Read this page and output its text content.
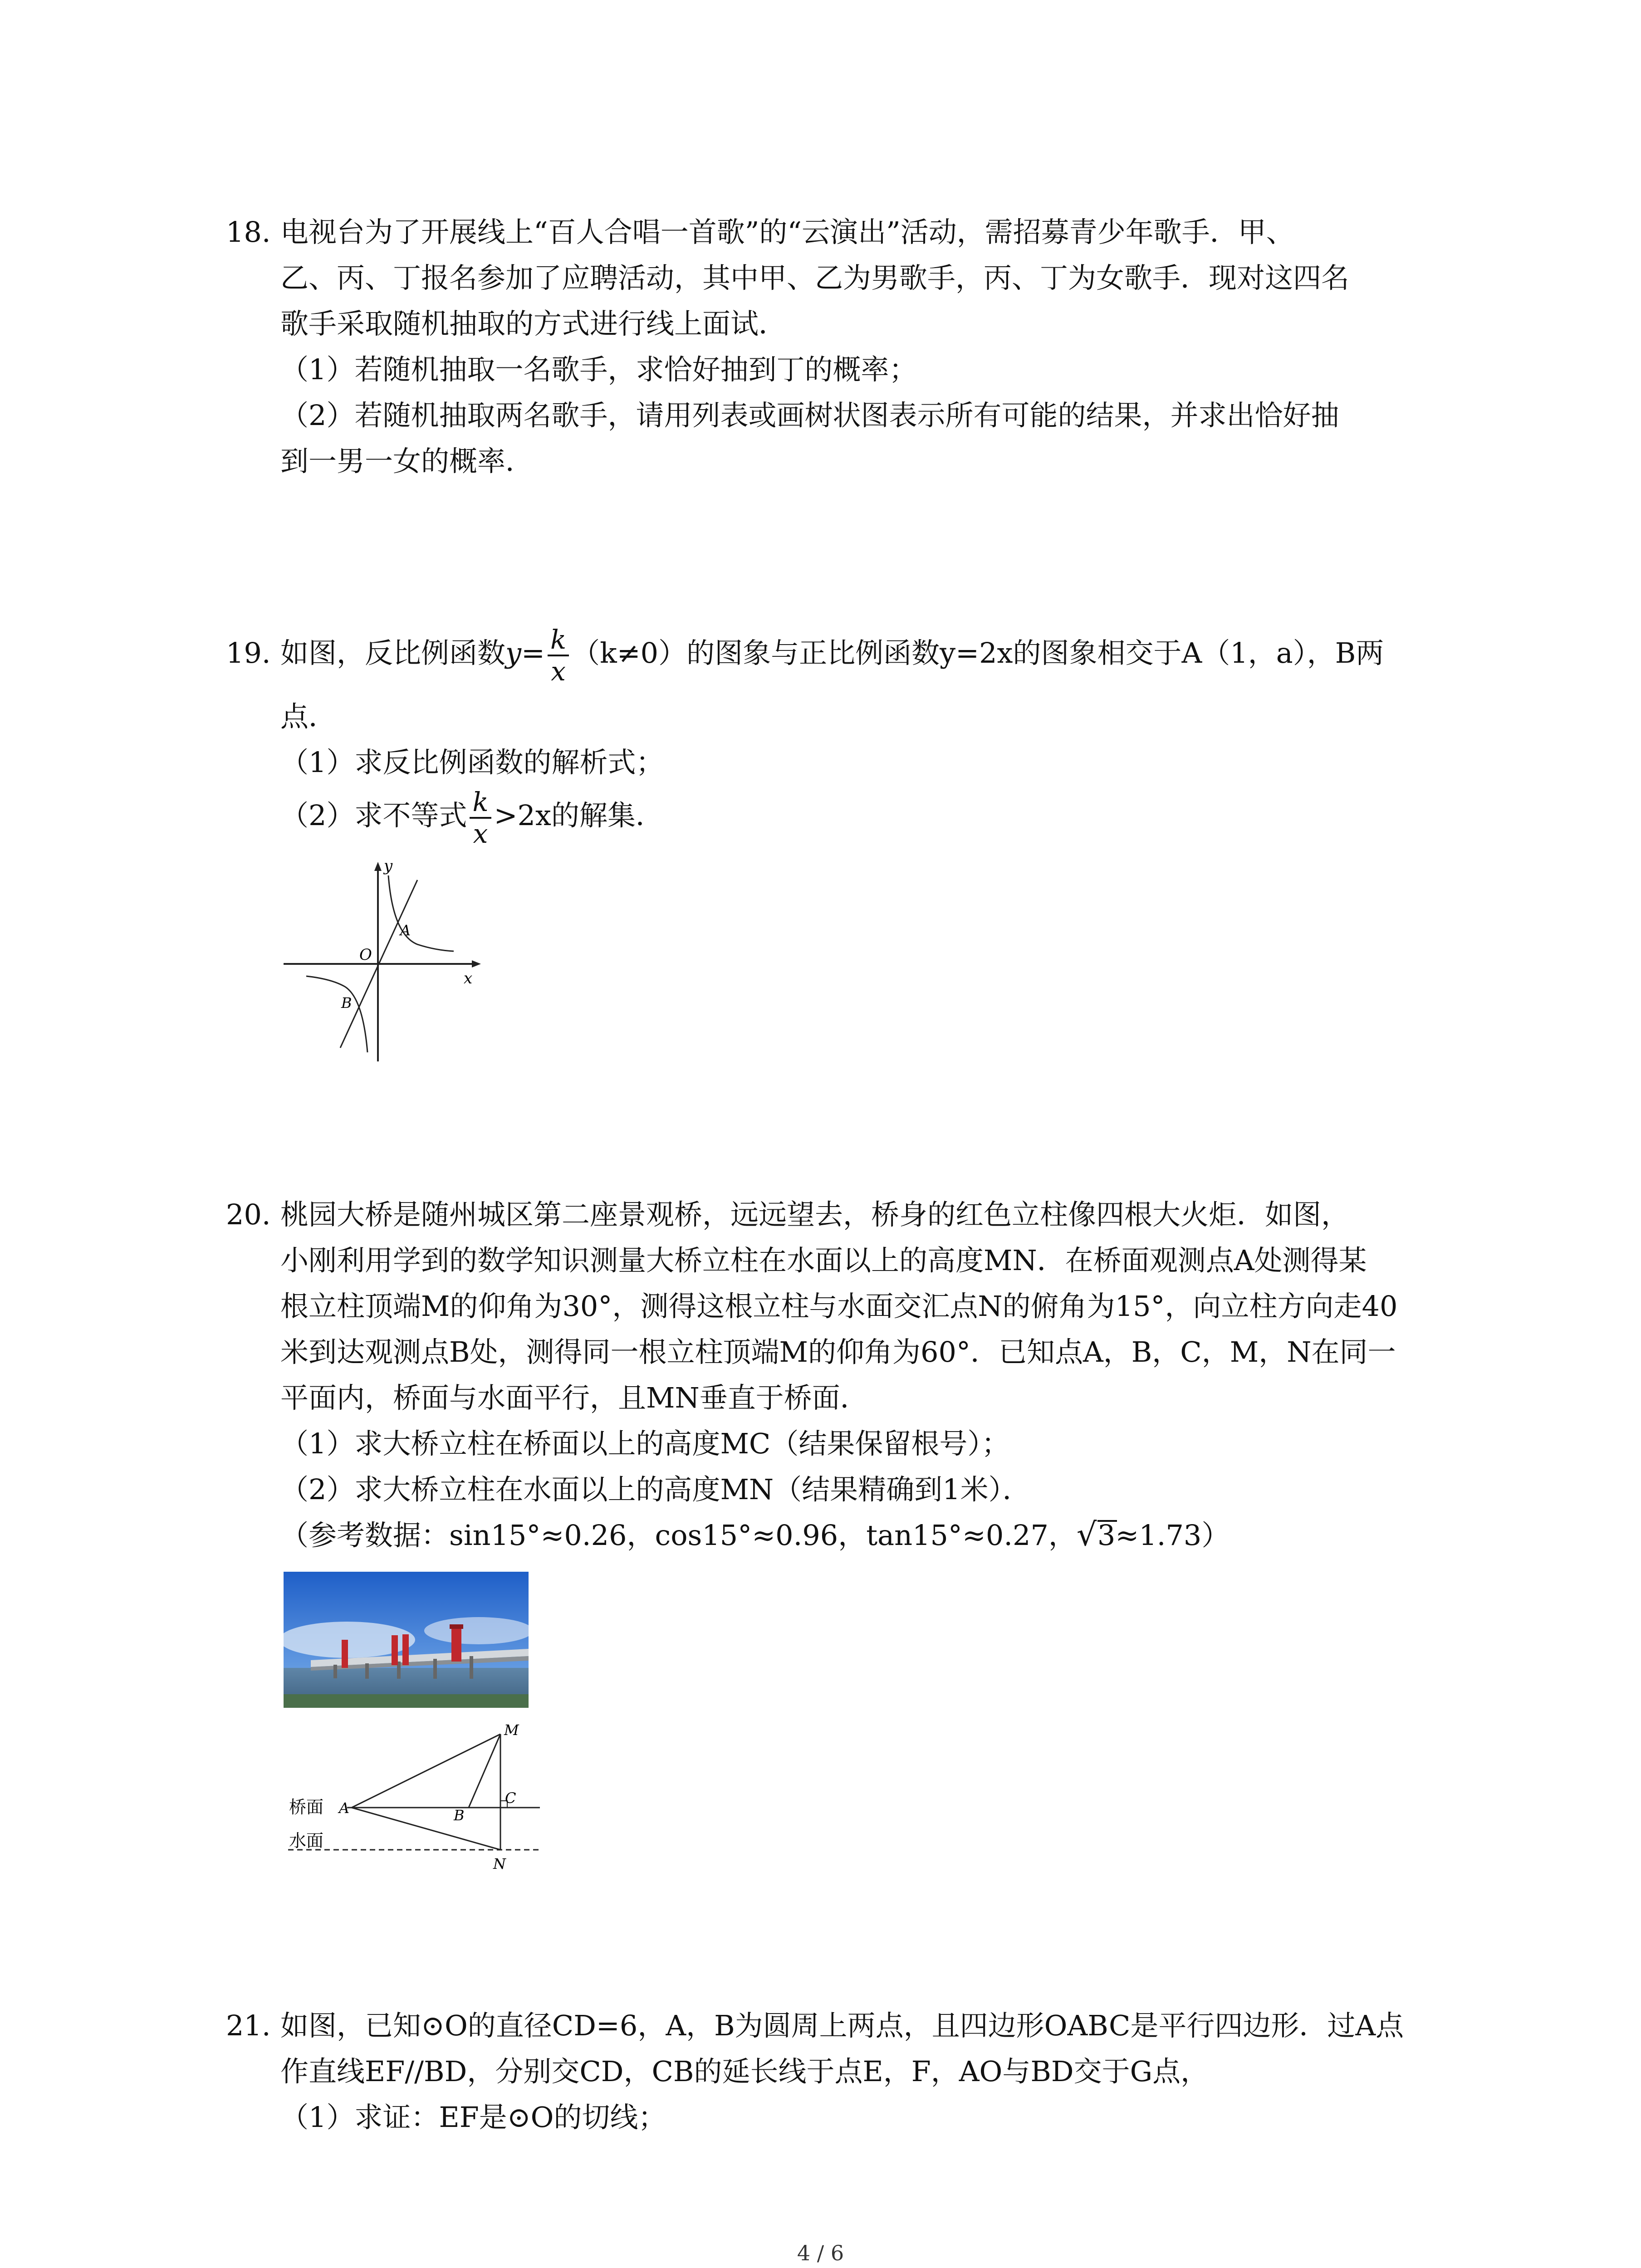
18. 电视台为了开展线上“百人合唱一首歌”的“云演出”活动，需招募青少年歌手．甲、
乙、丙、丁报名参加了应聘活动，其中甲、乙为男歌手，丙、丁为女歌手．现对这四名
歌手采取随机抽取的方式进行线上面试．
（1）若随机抽取一名歌手，求恰好抽到丁的概率；
（2）若随机抽取两名歌手，请用列表或画树状图表示所有可能的结果，并求出恰好抽
到一男一女的概率．
19. 如图，反比例函数$y= \frac{k}{x} (k\ne 0)$的图象与正比例函数y=2x的图象相交于A（1，a），B两
点．
（1）求反比例函数的解析式；
（2）求不等式 $\frac{k}{x} >2x$的解集．
y
x
O
A
B
20. 桃园大桥是随州城区第二座景观桥，远远望去，桥身的红色立柱像四根大火炬．如图，
小刚利用学到的数学知识测量大桥立柱在水面以上的高度MN．在桥面观测点A处测得某
根立柱顶端M的仰角为30°，测得这根立柱与水面交汇点N的俯角为15°，向立柱方向走40
米到达观测点B处，测得同一根立柱顶端M的仰角为60°．已知点A，B，C，M，N在同一
平面内，桥面与水面平行，且MN垂直于桥面．
（1）求大桥立柱在桥面以上的高度MC（结果保留根号）；
（2）求大桥立柱在水面以上的高度MN（结果精确到1米）．
（参考数据：sin15°≈0.26，cos15°≈0.96，tan15°≈0.27， √ 3≈1.73）
桥面
水面
A	B
C
M
N
21. 如图，已知⊙O的直径CD=6，A，B为圆周上两点，且四边形OABC是平行四边形．过A点
作直线EF//BD，分别交CD，CB的延长线于点E，F，AO与BD交于G点，
（1）求证：EF是⊙O的切线；
4 / 6
